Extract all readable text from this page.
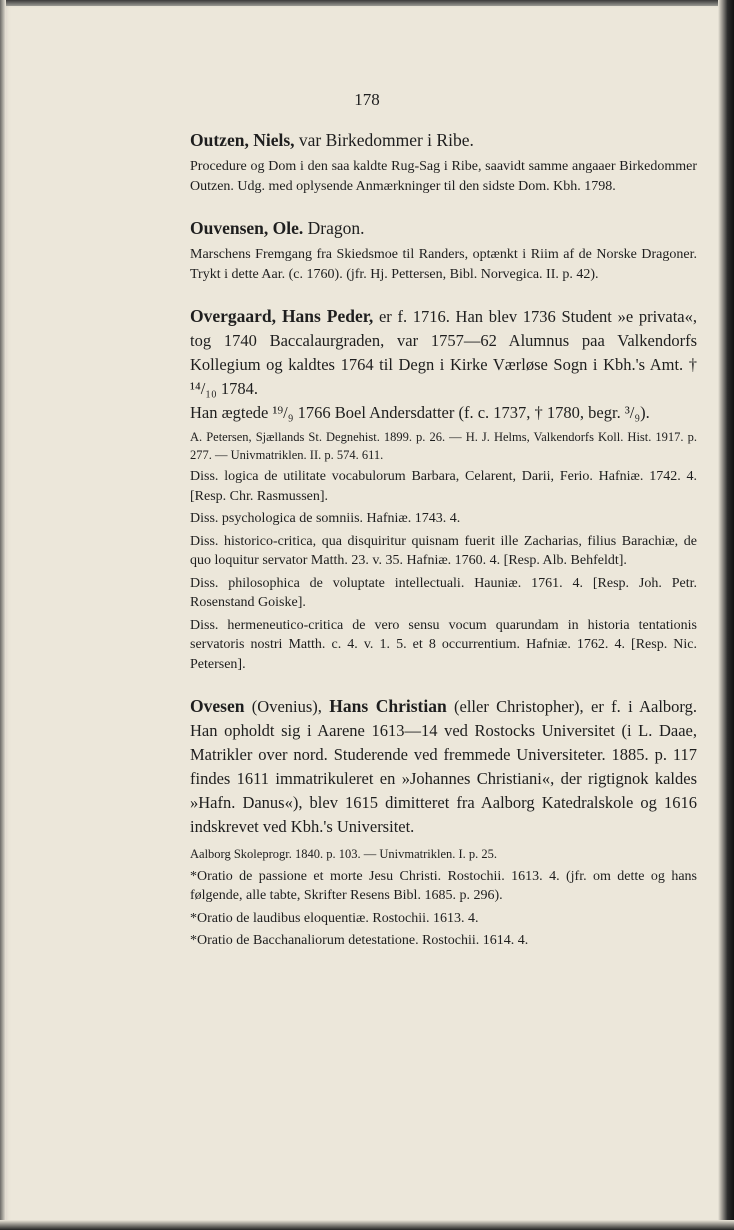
178

Outzen, Niels, var Birkedommer i Ribe.

Procedure og Dom i den saa kaldte Rug-Sag i Ribe, saavidt samme angaaer Birkedommer Outzen. Udg. med oplysende Anmærkninger til den sidste Dom. Kbh. 1798.

Ouvensen, Ole. Dragon.

Marschens Fremgang fra Skiedsmoe til Randers, optænkt i Riim af de Norske Dragoner. Trykt i dette Aar. (c. 1760). (jfr. Hj. Pettersen, Bibl. Norvegica. II. p. 42).

Overgaard, Hans Peder, er f. 1716. Han blev 1736 Student »e privata«, tog 1740 Baccalaurgraden, var 1757—62 Alumnus paa Valkendorfs Kollegium og kaldtes 1764 til Degn i Kirke Værløse Sogn i Kbh.'s Amt. † ¹⁴/₁₀ 1784.

Han ægtede ¹⁹/₉ 1766 Boel Andersdatter (f. c. 1737, † 1780, begr. ³/₉).

A. Petersen, Sjællands St. Degnehist. 1899. p. 26. — H. J. Helms, Valkendorfs Koll. Hist. 1917. p. 277. — Univmatriklen. II. p. 574. 611.

Diss. logica de utilitate vocabulorum Barbara, Celarent, Darii, Ferio. Hafniæ. 1742. 4. [Resp. Chr. Rasmussen].

Diss. psychologica de somniis. Hafniæ. 1743. 4.

Diss. historico-critica, qua disquiritur quisnam fuerit ille Zacharias, filius Barachiæ, de quo loquitur servator Matth. 23. v. 35. Hafniæ. 1760. 4. [Resp. Alb. Behfeldt].

Diss. philosophica de voluptate intellectuali. Hauniæ. 1761. 4. [Resp. Joh. Petr. Rosenstand Goiske].

Diss. hermeneutico-critica de vero sensu vocum quarundam in historia tentationis servatoris nostri Matth. c. 4. v. 1. 5. et 8 occurrentium. Hafniæ. 1762. 4. [Resp. Nic. Petersen].

Ovesen (Ovenius), Hans Christian (eller Christopher), er f. i Aalborg. Han opholdt sig i Aarene 1613—14 ved Rostocks Universitet (i L. Daae, Matrikler over nord. Studerende ved fremmede Universiteter. 1885. p. 117 findes 1611 immatrikuleret en »Johannes Christiani«, der rigtignok kaldes »Hafn. Danus«), blev 1615 dimitteret fra Aalborg Katedralskole og 1616 indskrevet ved Kbh.'s Universitet.

Aalborg Skoleprogr. 1840. p. 103. — Univmatriklen. I. p. 25.

*Oratio de passione et morte Jesu Christi. Rostochii. 1613. 4. (jfr. om dette og hans følgende, alle tabte, Skrifter Resens Bibl. 1685. p. 296).

*Oratio de laudibus eloquentiæ. Rostochii. 1613. 4.

*Oratio de Bacchanaliorum detestatione. Rostochii. 1614. 4.
